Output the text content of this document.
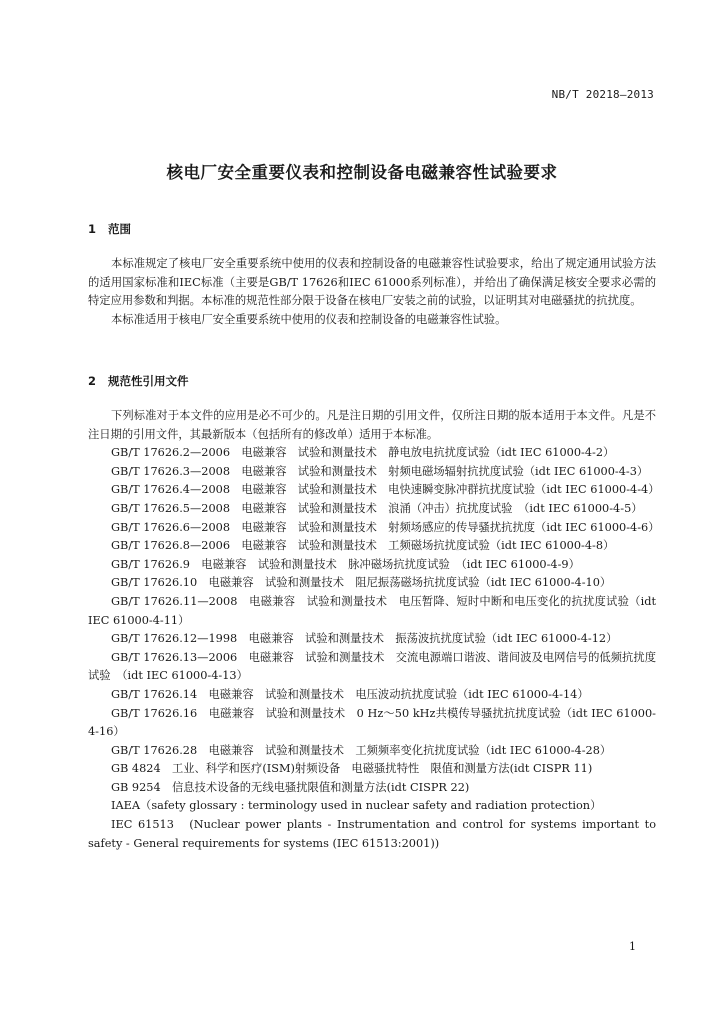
NB/T 20218—2013
核电厂安全重要仪表和控制设备电磁兼容性试验要求
1 范围

本标准规定了核电厂安全重要系统中使用的仪表和控制设备的电磁兼容性试验要求，给出了规定通用试验方法的适用国家标准和IEC标准（主要是GB/T 17626和IEC 61000系列标准），并给出了确保满足核安全要求必需的特定应用参数和判据。本标准的规范性部分限于设备在核电厂安装之前的试验，以证明其对电磁骚扰的抗扰度。

本标准适用于核电厂安全重要系统中使用的仪表和控制设备的电磁兼容性试验。

2 规范性引用文件

下列标准对于本文件的应用是必不可少的。凡是注日期的引用文件，仅所注日期的版本适用于本文件。凡是不注日期的引用文件，其最新版本（包括所有的修改单）适用于本标准。

GB/T 17626.2—2006　电磁兼容　试验和测量技术　静电放电抗扰度试验（idt IEC 61000-4-2）

GB/T 17626.3—2008　电磁兼容　试验和测量技术　射频电磁场辐射抗扰度试验（idt IEC 61000-4-3）

GB/T 17626.4—2008　电磁兼容　试验和测量技术　电快速瞬变脉冲群抗扰度试验（idt IEC 61000-4-4）

GB/T 17626.5—2008　电磁兼容　试验和测量技术　浪涌（冲击）抗扰度试验　（idt IEC 61000-4-5）

GB/T 17626.6—2008　电磁兼容　试验和测量技术　射频场感应的传导骚扰抗扰度（idt IEC 61000-4-6）

GB/T 17626.8—2006　电磁兼容　试验和测量技术　工频磁场抗扰度试验（idt IEC 61000-4-8）

GB/T 17626.9　电磁兼容　试验和测量技术　脉冲磁场抗扰度试验　（idt IEC 61000-4-9）

GB/T 17626.10　电磁兼容　试验和测量技术　阻尼振荡磁场抗扰度试验（idt IEC 61000-4-10）

GB/T 17626.11—2008　电磁兼容　试验和测量技术　电压暂降、短时中断和电压变化的抗扰度试验（idt IEC 61000-4-11）

GB/T 17626.12—1998　电磁兼容　试验和测量技术　振荡波抗扰度试验（idt IEC 61000-4-12）

GB/T 17626.13—2006　电磁兼容　试验和测量技术　交流电源端口谐波、谐间波及电网信号的低频抗扰度试验　（idt IEC 61000-4-13）

GB/T 17626.14　电磁兼容　试验和测量技术　电压波动抗扰度试验（idt IEC 61000-4-14）

GB/T 17626.16　电磁兼容　试验和测量技术　0 Hz～50 kHz共模传导骚扰抗扰度试验（idt IEC 61000-4-16）

GB/T 17626.28　电磁兼容　试验和测量技术　工频频率变化抗扰度试验（idt IEC 61000-4-28）

GB 4824　工业、科学和医疗(ISM)射频设备　电磁骚扰特性　限值和测量方法(idt CISPR 11)

GB 9254　信息技术设备的无线电骚扰限值和测量方法(idt CISPR 22)

IAEA（safety glossary : terminology used in nuclear safety and radiation protection）

IEC 61513　(Nuclear power plants - Instrumentation and control for systems important to safety - General requirements for systems (IEC 61513:2001))

1
